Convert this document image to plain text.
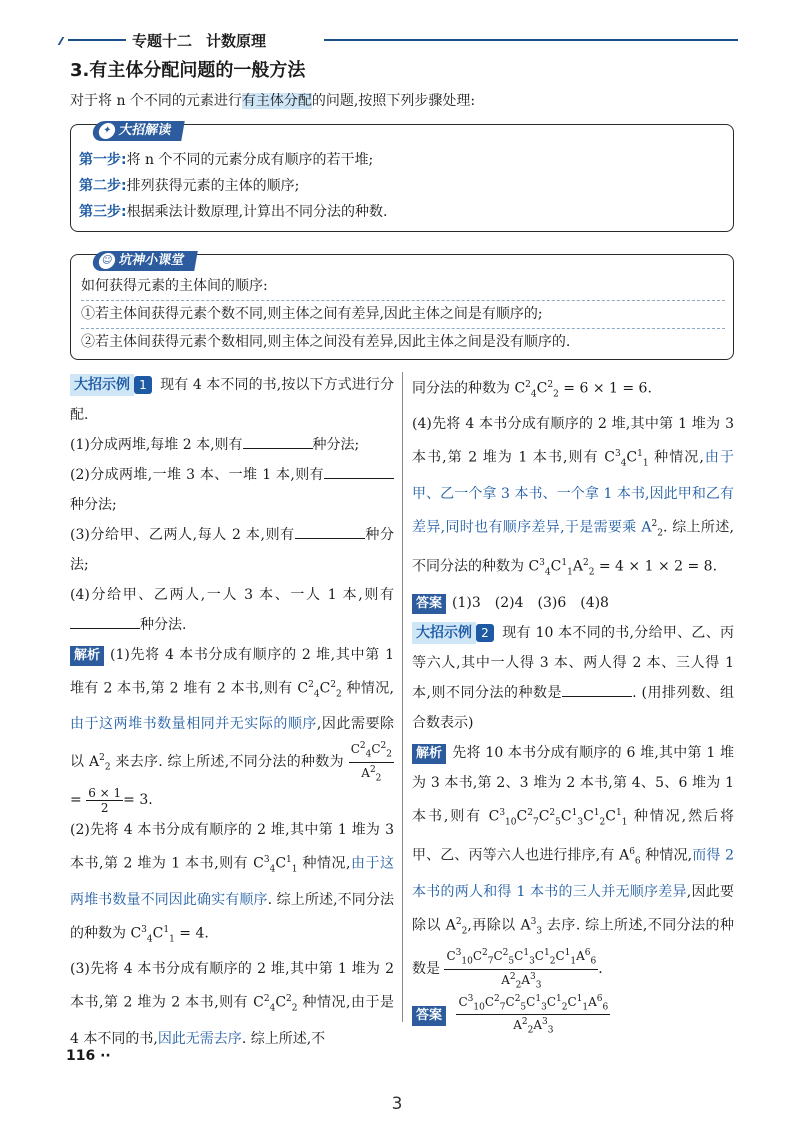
专题十二 计数原理
3.有主体分配问题的一般方法
对于将 n 个不同的元素进行有主体分配的问题,按照下列步骤处理:
✦ 大招解读
第一步:将 n 个不同的元素分成有顺序的若干堆;
第二步:排列获得元素的主体的顺序;
第三步:根据乘法计数原理,计算出不同分法的种数.
☺ 坑神小课堂
如何获得元素的主体间的顺序:
①若主体间获得元素个数不同,则主体之间有差异,因此主体之间是有顺序的;
②若主体间获得元素个数相同,则主体之间没有差异,因此主体之间是没有顺序的.

大招示例 1 现有 4 本不同的书,按以下方式进行分配.

(1)分成两堆,每堆 2 本,则有	种分法;

(2)分成两堆,一堆 3 本、一堆 1 本,则有种分法;

(3)分给甲、乙两人,每人 2 本,则有	种分法;

(4)分给甲、乙两人,一人 3 本、一人 1 本,则有种分法.

解析 (1)先将 4 本书分成有顺序的 2 堆,其中第 1 堆有 2 本书,第 2 堆有 2 本书,则有 $C^2_4C^2_2$ 种情况,由于这两堆书数量相同并无实际的顺序,因此需要除以 $A^2_2$ 来去序. 综上所述,不同分法的种数为 $\frac{C^2_4C^2_2}{A^2_2}$
= $\frac{6 \times 1}{2} = 3$.

(2)先将 4 本书分成有顺序的 2 堆,其中第 1 堆为 3 本书,第 2 堆为 1 本书,则有 $C^3_4C^1_1$ 种情况,由于这两堆书数量不同因此确实有顺序. 综上所述,不同分法的种数为 $C^3_4C^1_1 = 4$.

(3)先将 4 本书分成有顺序的 2 堆,其中第 1 堆为 2 本书,第 2 堆为 2 本书,则有 $C^2_4C^2_2$ 种情况,由于是 4 本不同的书,因此无需去序. 综上所述,不

同分法的种数为 $C^2_4C^2_2 = 6 \times 1 = 6$.

(4)先将 4 本书分成有顺序的 2 堆,其中第 1 堆为 3 本书,第 2 堆为 1 本书,则有 $C^3_4C^1_1$ 种情况,由于甲、乙一个拿 3 本书、一个拿 1 本书,因此甲和乙有差异,同时也有顺序差异,于是需要乘 $A^2_2$. 综上所述,不同分法的种数为 $C^3_4C^1_1A^2_2 = 4 \times 1 \times 2 = 8$.

答案 (1)3　(2)4　(3)6　(4)8

大招示例 2 现有 10 本不同的书,分给甲、乙、丙等六人,其中一人得 3 本、两人得 2 本、三人得 1 本,则不同分法的种数是	. (用排列数、组合数表示)

解析 先将 10 本书分成有顺序的 6 堆,其中第 1 堆为 3 本书,第 2、3 堆为 2 本书,第 4、5、6 堆为 1 本书,则有 $C^3_{10}C^2_7C^2_5C^1_3C^1_2C^1_1$ 种情况,然后将甲、乙、丙等六人也进行排序,有 $A^6_6$ 种情况,而得 2 本书的两人和得 1 本书的三人并无顺序差异,因此要除以 $A^2_2$,再除以 $A^3_3$ 去序. 综上所述,不同分法的种数是 $\frac{C^3_{10}C^2_7C^2_5C^1_3C^1_2C^1_1A^6_6}{A^2_2A^3_3}$ .

答案 $\frac{C^3_{10}C^2_7C^2_5C^1_3C^1_2C^1_1A^6_6}{A^2_2A^3_3}$

116 ··
3
